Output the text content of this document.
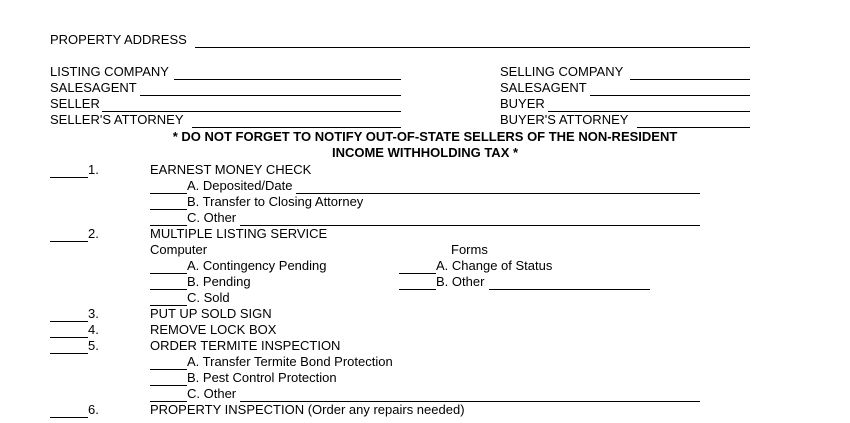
PROPERTY ADDRESS
LISTING COMPANY
SALESAGENT
SELLER
SELLER'S ATTORNEY
SELLING COMPANY
SALESAGENT
BUYER
BUYER'S ATTORNEY
* DO NOT FORGET TO NOTIFY OUT-OF-STATE SELLERS OF THE NON-RESIDENT
INCOME WITHHOLDING TAX *
1.	EARNEST MONEY CHECK
A. Deposited/Date
B. Transfer to Closing Attorney
C. Other
2.	MULTIPLE LISTING SERVICE
Computer	Forms
A. Contingency Pending	A. Change of Status
B. Pending	B. Other
C. Sold
3.	PUT UP SOLD SIGN
4.	REMOVE LOCK BOX
5.	ORDER TERMITE INSPECTION
A. Transfer Termite Bond Protection
B. Pest Control Protection
C. Other
6.	PROPERTY INSPECTION (Order any repairs needed)
